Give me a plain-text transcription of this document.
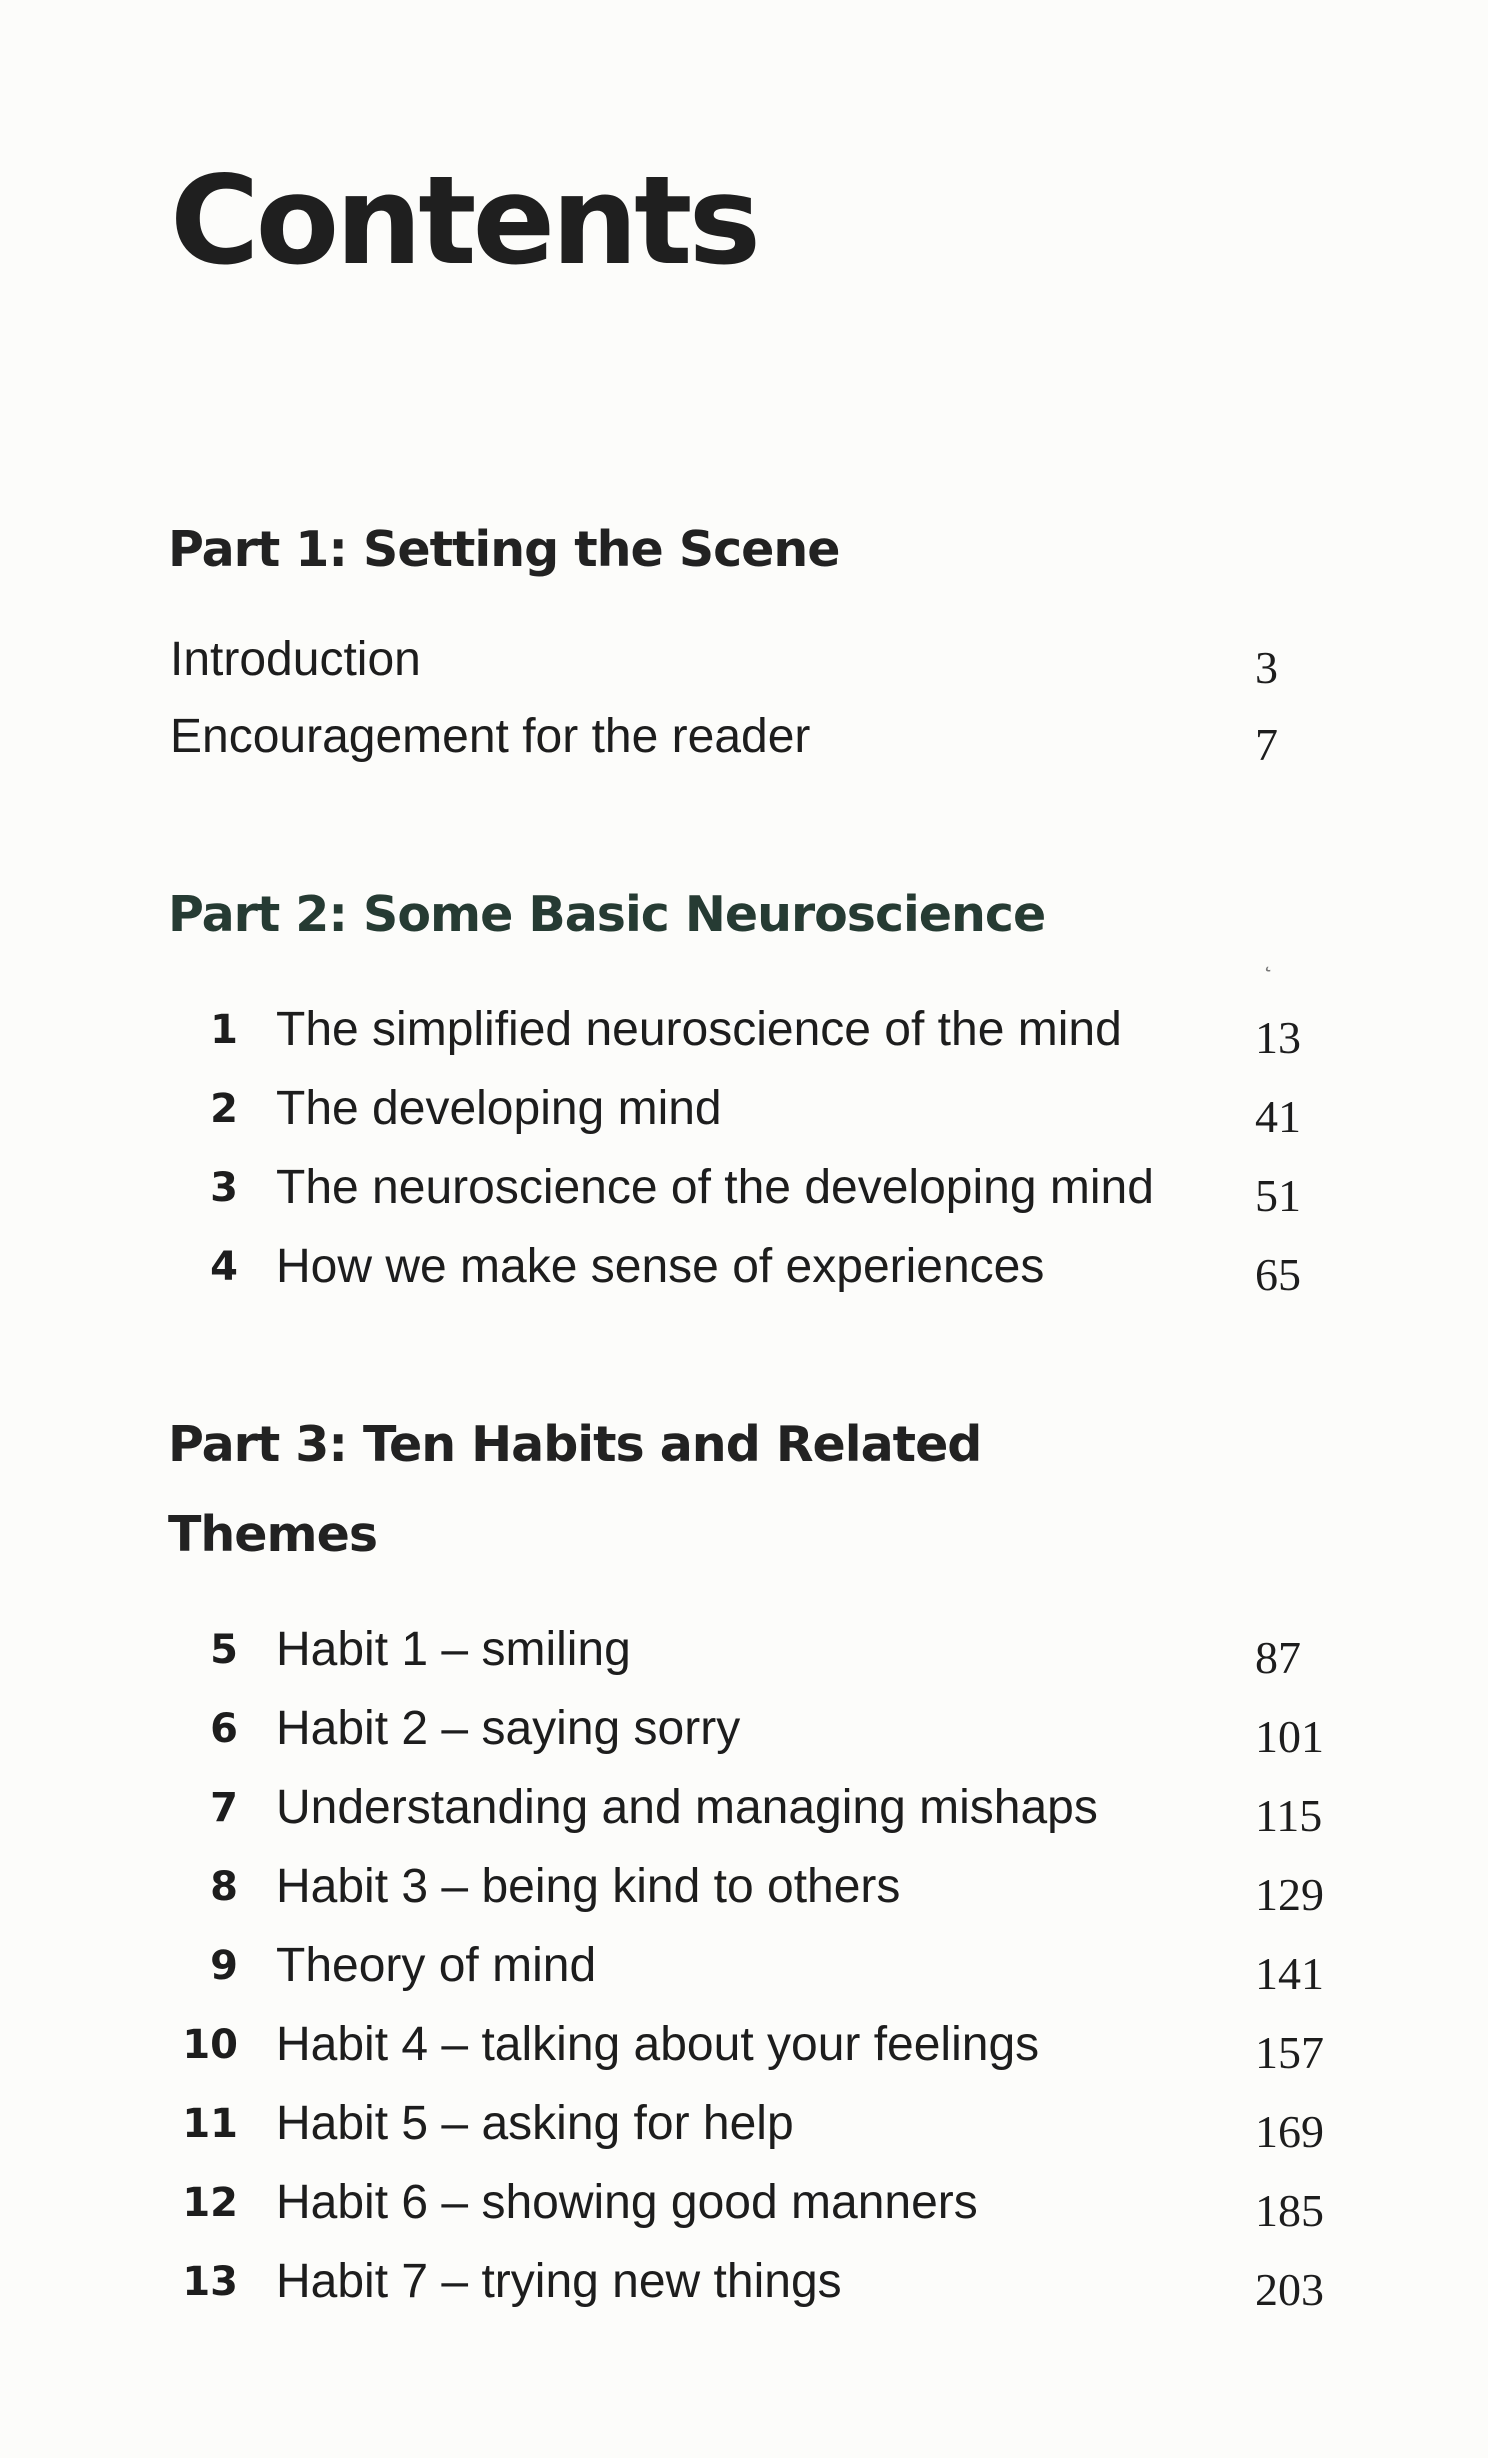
Contents
Part 1: Setting the Scene
Introduction	3
Encouragement for the reader	7
Part 2: Some Basic Neuroscience
˛
1 The simplified neuroscience of the mind	13
2 The developing mind	41
3 The neuroscience of the developing mind 51
4 How we make sense of experiences	65
Part 3: Ten Habits and Related Themes
5 Habit 1 – smiling	87
6 Habit 2 – saying sorry	101
7 Understanding and managing mishaps	115
8 Habit 3 – being kind to others	129
9 Theory of mind	141
10 Habit 4 – talking about your feelings	157
11 Habit 5 – asking for help	169
12 Habit 6 – showing good manners	185
13 Habit 7 – trying new things	203
